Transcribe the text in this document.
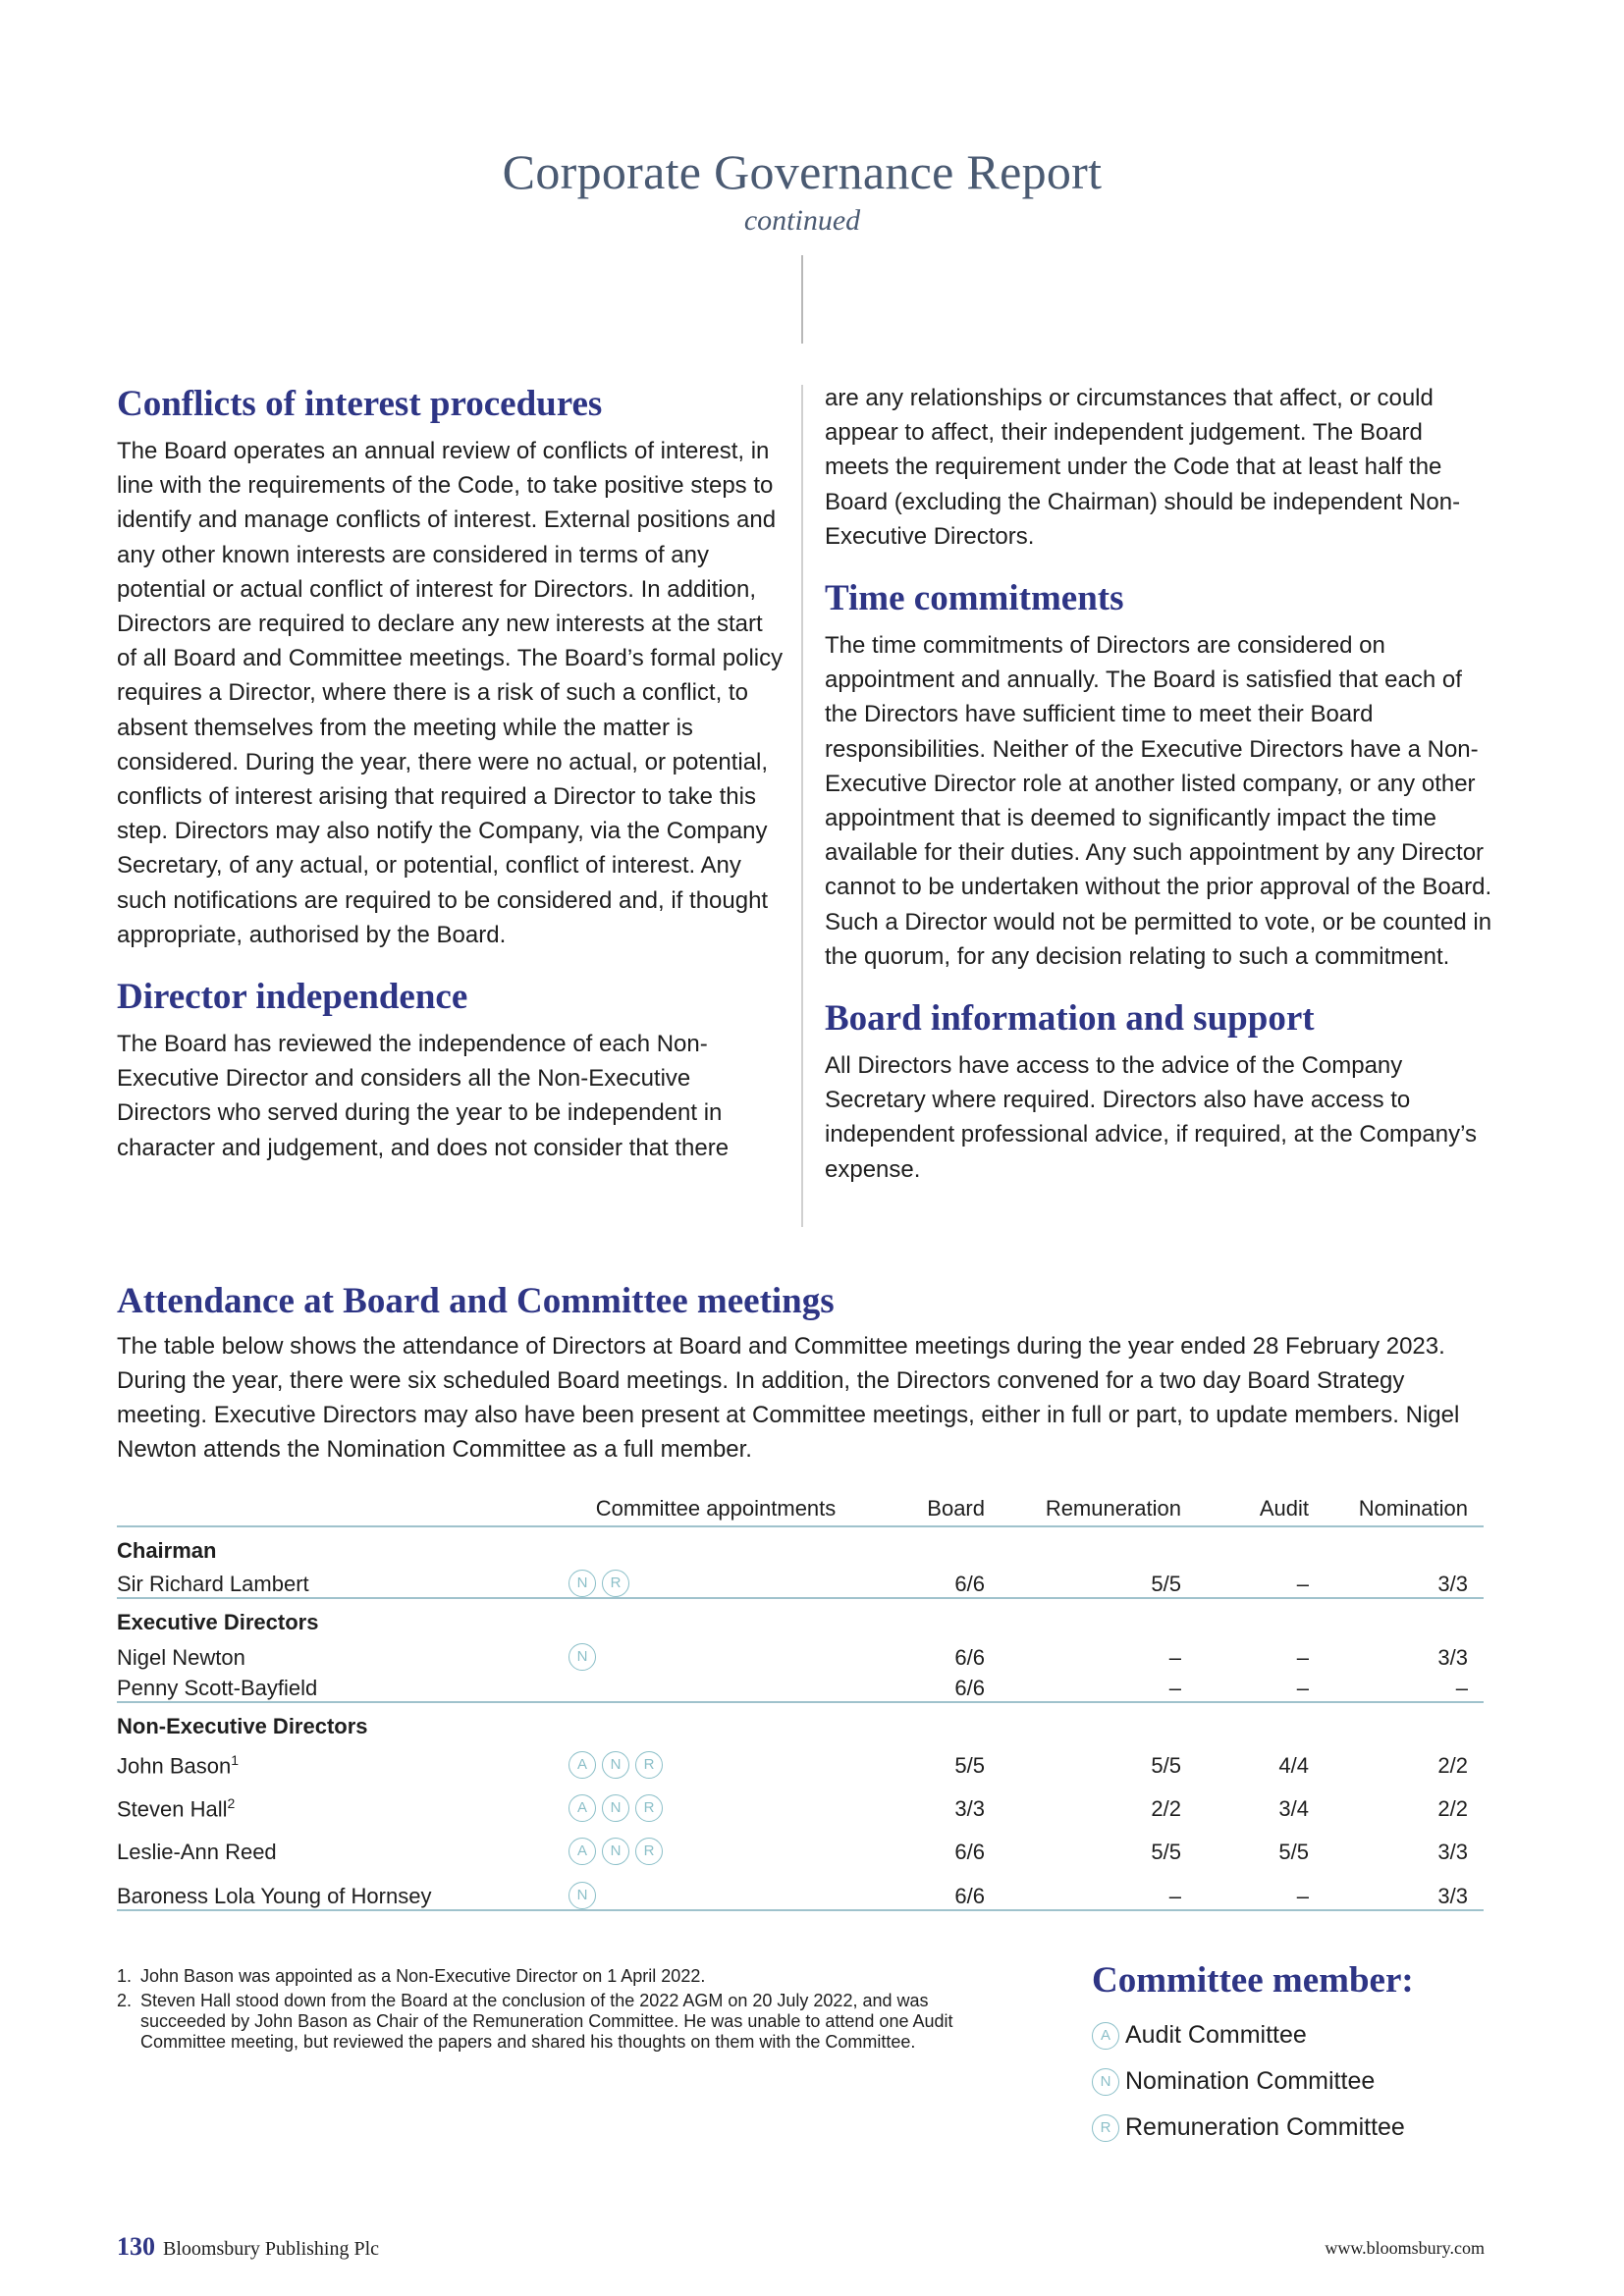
Corporate Governance Report
continued
Conflicts of interest procedures

The Board operates an annual review of conflicts of interest, in line with the requirements of the Code, to take positive steps to identify and manage conflicts of interest. External positions and any other known interests are considered in terms of any potential or actual conflict of interest for Directors. In addition, Directors are required to declare any new interests at the start of all Board and Committee meetings. The Board’s formal policy requires a Director, where there is a risk of such a conflict, to absent themselves from the meeting while the matter is considered. During the year, there were no actual, or potential, conflicts of interest arising that required a Director to take this step. Directors may also notify the Company, via the Company Secretary, of any actual, or potential, conflict of interest. Any such notifications are required to be considered and, if thought appropriate, authorised by the Board.

Director independence

The Board has reviewed the independence of each Non-Executive Director and considers all the Non-Executive Directors who served during the year to be independent in character and judgement, and does not consider that there

are any relationships or circumstances that affect, or could appear to affect, their independent judgement. The Board meets the requirement under the Code that at least half the Board (excluding the Chairman) should be independent Non-Executive Directors.

Time commitments

The time commitments of Directors are considered on appointment and annually. The Board is satisfied that each of the Directors have sufficient time to meet their Board responsibilities. Neither of the Executive Directors have a Non-Executive Director role at another listed company, or any other appointment that is deemed to significantly impact the time available for their duties. Any such appointment by any Director cannot to be undertaken without the prior approval of the Board. Such a Director would not be permitted to vote, or be counted in the quorum, for any decision relating to such a commitment.

Board information and support

All Directors have access to the advice of the Company Secretary where required. Directors also have access to independent professional advice, if required, at the Company’s expense.

Attendance at Board and Committee meetings

The table below shows the attendance of Directors at Board and Committee meetings during the year ended 28 February 2023. During the year, there were six scheduled Board meetings. In addition, the Directors convened for a two day Board Strategy meeting. Executive Directors may also have been present at Committee meetings, either in full or part, to update members. Nigel Newton attends the Nomination Committee as a full member.

	Committee appointments	Board	Remuneration	Audit	Nomination
Chairman					
Sir Richard Lambert	N R	6/6	5/5	–	3/3
Executive Directors					
Nigel Newton	N	6/6	–	–	3/3
Penny Scott-Bayfield		6/6	–	–	–
Non-Executive Directors					
John Bason$^1$	A N R	5/5	5/5	4/4	2/2
Steven Hall$^2$	A N R	3/3	2/2	3/4	2/2
Leslie-Ann Reed	A N R	6/6	5/5	5/5	3/3
Baroness Lola Young of Hornsey	N	6/6	–	–	3/3
1. John Bason was appointed as a Non-Executive Director on 1 April 2022.
2. Steven Hall stood down from the Board at the conclusion of the 2022 AGM on 20 July 2022, and was succeeded by John Bason as Chair of the Remuneration Committee. He was unable to attend one Audit Committee meeting, but reviewed the papers and shared his thoughts on them with the Committee.
Committee member:
A Audit Committee
N Nomination Committee
R Remuneration Committee
130 Bloomsbury Publishing Plc	www.bloomsbury.com
